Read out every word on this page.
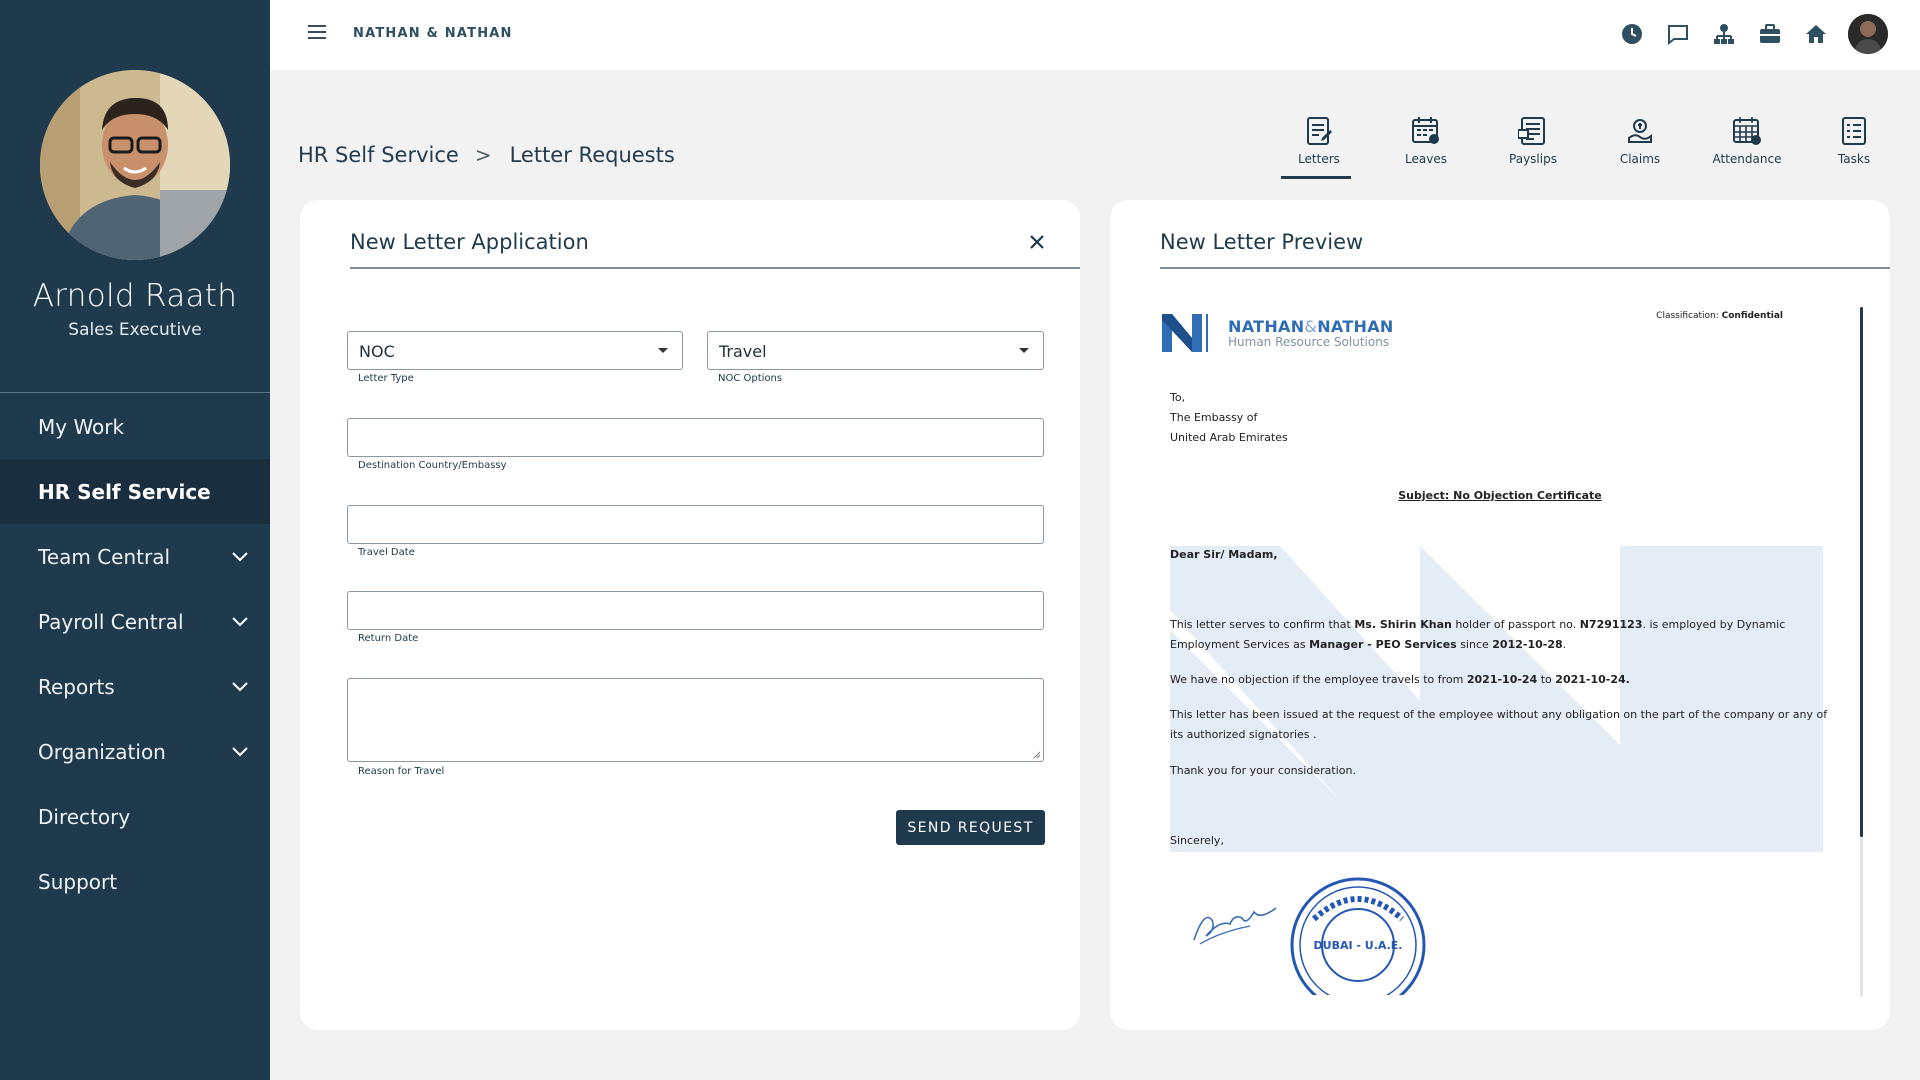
Arnold Raath
Sales Executive
My Work
HR Self Service
Team Central
Payroll Central
Reports
Organization
Directory
Support
NATHAN & NATHAN
HR Self Service > Letter Requests	Letters	Leaves	Payslips	Claims	Attendance	Tasks
New Letter Application
NOC
Letter Type
Travel
NOC Options
Destination Country/Embassy
Travel Date
Return Date
Reason for Travel
SEND REQUEST
New Letter Preview
NATHAN&NATHAN
Human Resource Solutions
Classification: Confidential
To,
The Embassy of
United Arab Emirates
Subject: No Objection Certificate
Dear Sir/ Madam,
This letter serves to confirm that Ms. Shirin Khan holder of passport no. N7291123. is employed by Dynamic
Employment Services as Manager - PEO Services since 2012-10-28.
We have no objection if the employee travels to from 2021-10-24 to 2021-10-24.
This letter has been issued at the request of the employee without any obligation on the part of the company or any of
its authorized signatories .
Thank you for your consideration.
Sincerely,
DUBAI - U.A.E.
